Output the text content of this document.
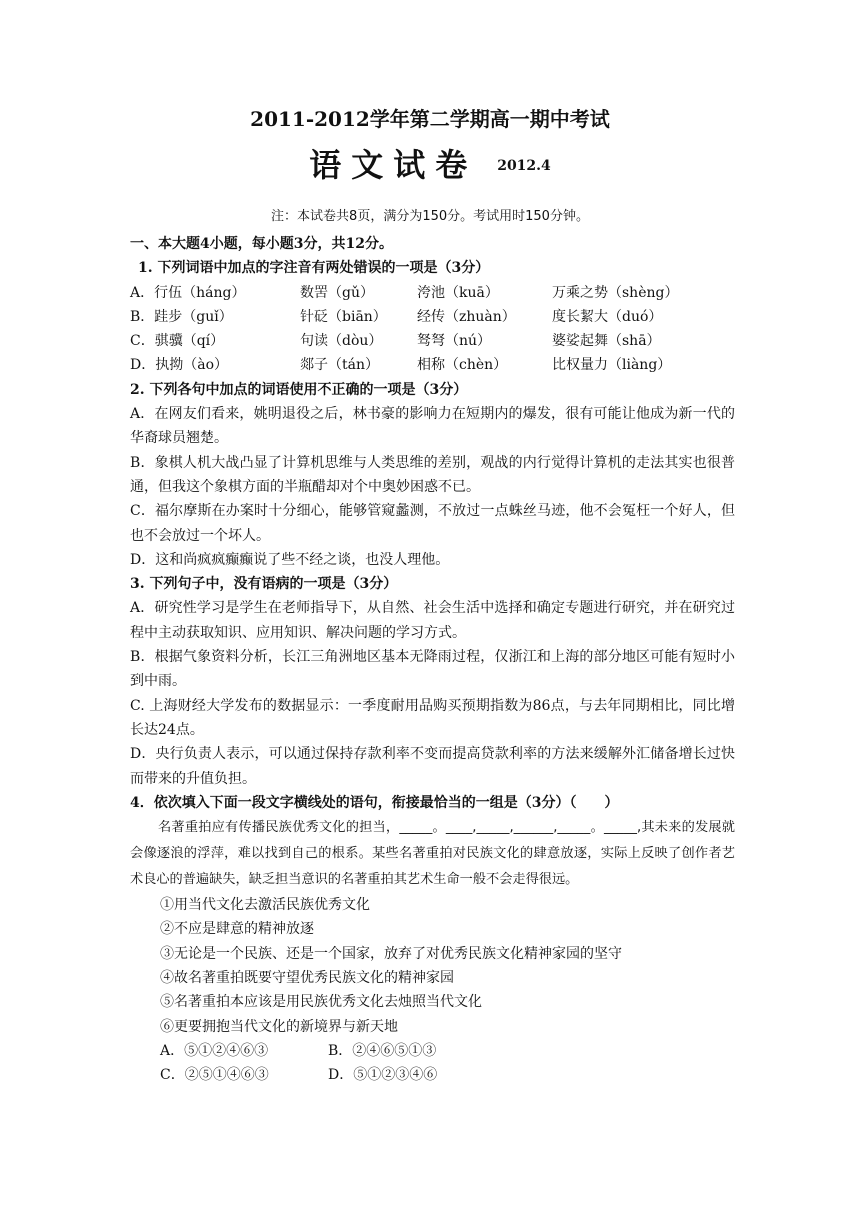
2011-2012学年第二学期高一期中考试
语文试卷 2012.4
注：本试卷共8页，满分为150分。考试用时150分钟。

一、本大题4小题，每小题3分，共12分。

1. 下列词语中加点的字注音有两处错误的一项是（3分）

A．行伍（háng）	数罟（gǔ）	洿池（kuā）	万乘之势（shèng）
B．跬步（guǐ）	针砭（biān）	经传（zhuàn）	度长絜大（duó）
C．骐骥（qí）	句读（dòu）	驽弩（nú）	婆娑起舞（shā）
D．执拗（ào）	郯子（tán）	相称（chèn）	比权量力（liàng）

2. 下列各句中加点的词语使用不正确的一项是（3分）

A．在网友们看来，姚明退役之后，林书豪的影响力在短期内的爆发，很有可能让他成为新一代的华裔球员翘楚。

B．象棋人机大战凸显了计算机思维与人类思维的差别，观战的内行觉得计算机的走法其实也很普通，但我这个象棋方面的半瓶醋却对个中奥妙困惑不已。

C．福尔摩斯在办案时十分细心，能够管窥蠡测，不放过一点蛛丝马迹，他不会冤枉一个好人，但也不会放过一个坏人。

D．这和尚疯疯癫癫说了些不经之谈，也没人理他。

3. 下列句子中，没有语病的一项是（3分）

A．研究性学习是学生在老师指导下，从自然、社会生活中选择和确定专题进行研究，并在研究过程中主动获取知识、应用知识、解决问题的学习方式。

B．根据气象资料分析，长江三角洲地区基本无降雨过程，仅浙江和上海的部分地区可能有短时小到中雨。

C. 上海财经大学发布的数据显示：一季度耐用品购买预期指数为86点，与去年同期相比，同比增长达24点。

D．央行负责人表示，可以通过保持存款利率不变而提高贷款利率的方法来缓解外汇储备增长过快而带来的升值负担。

4．依次填入下面一段文字横线处的语句，衔接最恰当的一组是（3分）（　　）

名著重拍应有传播民族优秀文化的担当，_____。____,_____,______,_____。_____,其未来的发展就会像逐浪的浮萍，难以找到自己的根系。某些名著重拍对民族文化的肆意放逐，实际上反映了创作者艺术良心的普遍缺失，缺乏担当意识的名著重拍其艺术生命一般不会走得很远。

①用当代文化去激活民族优秀文化

②不应是肆意的精神放逐

③无论是一个民族、还是一个国家，放弃了对优秀民族文化精神家园的坚守

④故名著重拍既要守望优秀民族文化的精神家园

⑤名著重拍本应该是用民族优秀文化去烛照当代文化

⑥更要拥抱当代文化的新境界与新天地

A．⑤①②④⑥③	B．②④⑥⑤①③
C．②⑤①④⑥③	D．⑤①②③④⑥
